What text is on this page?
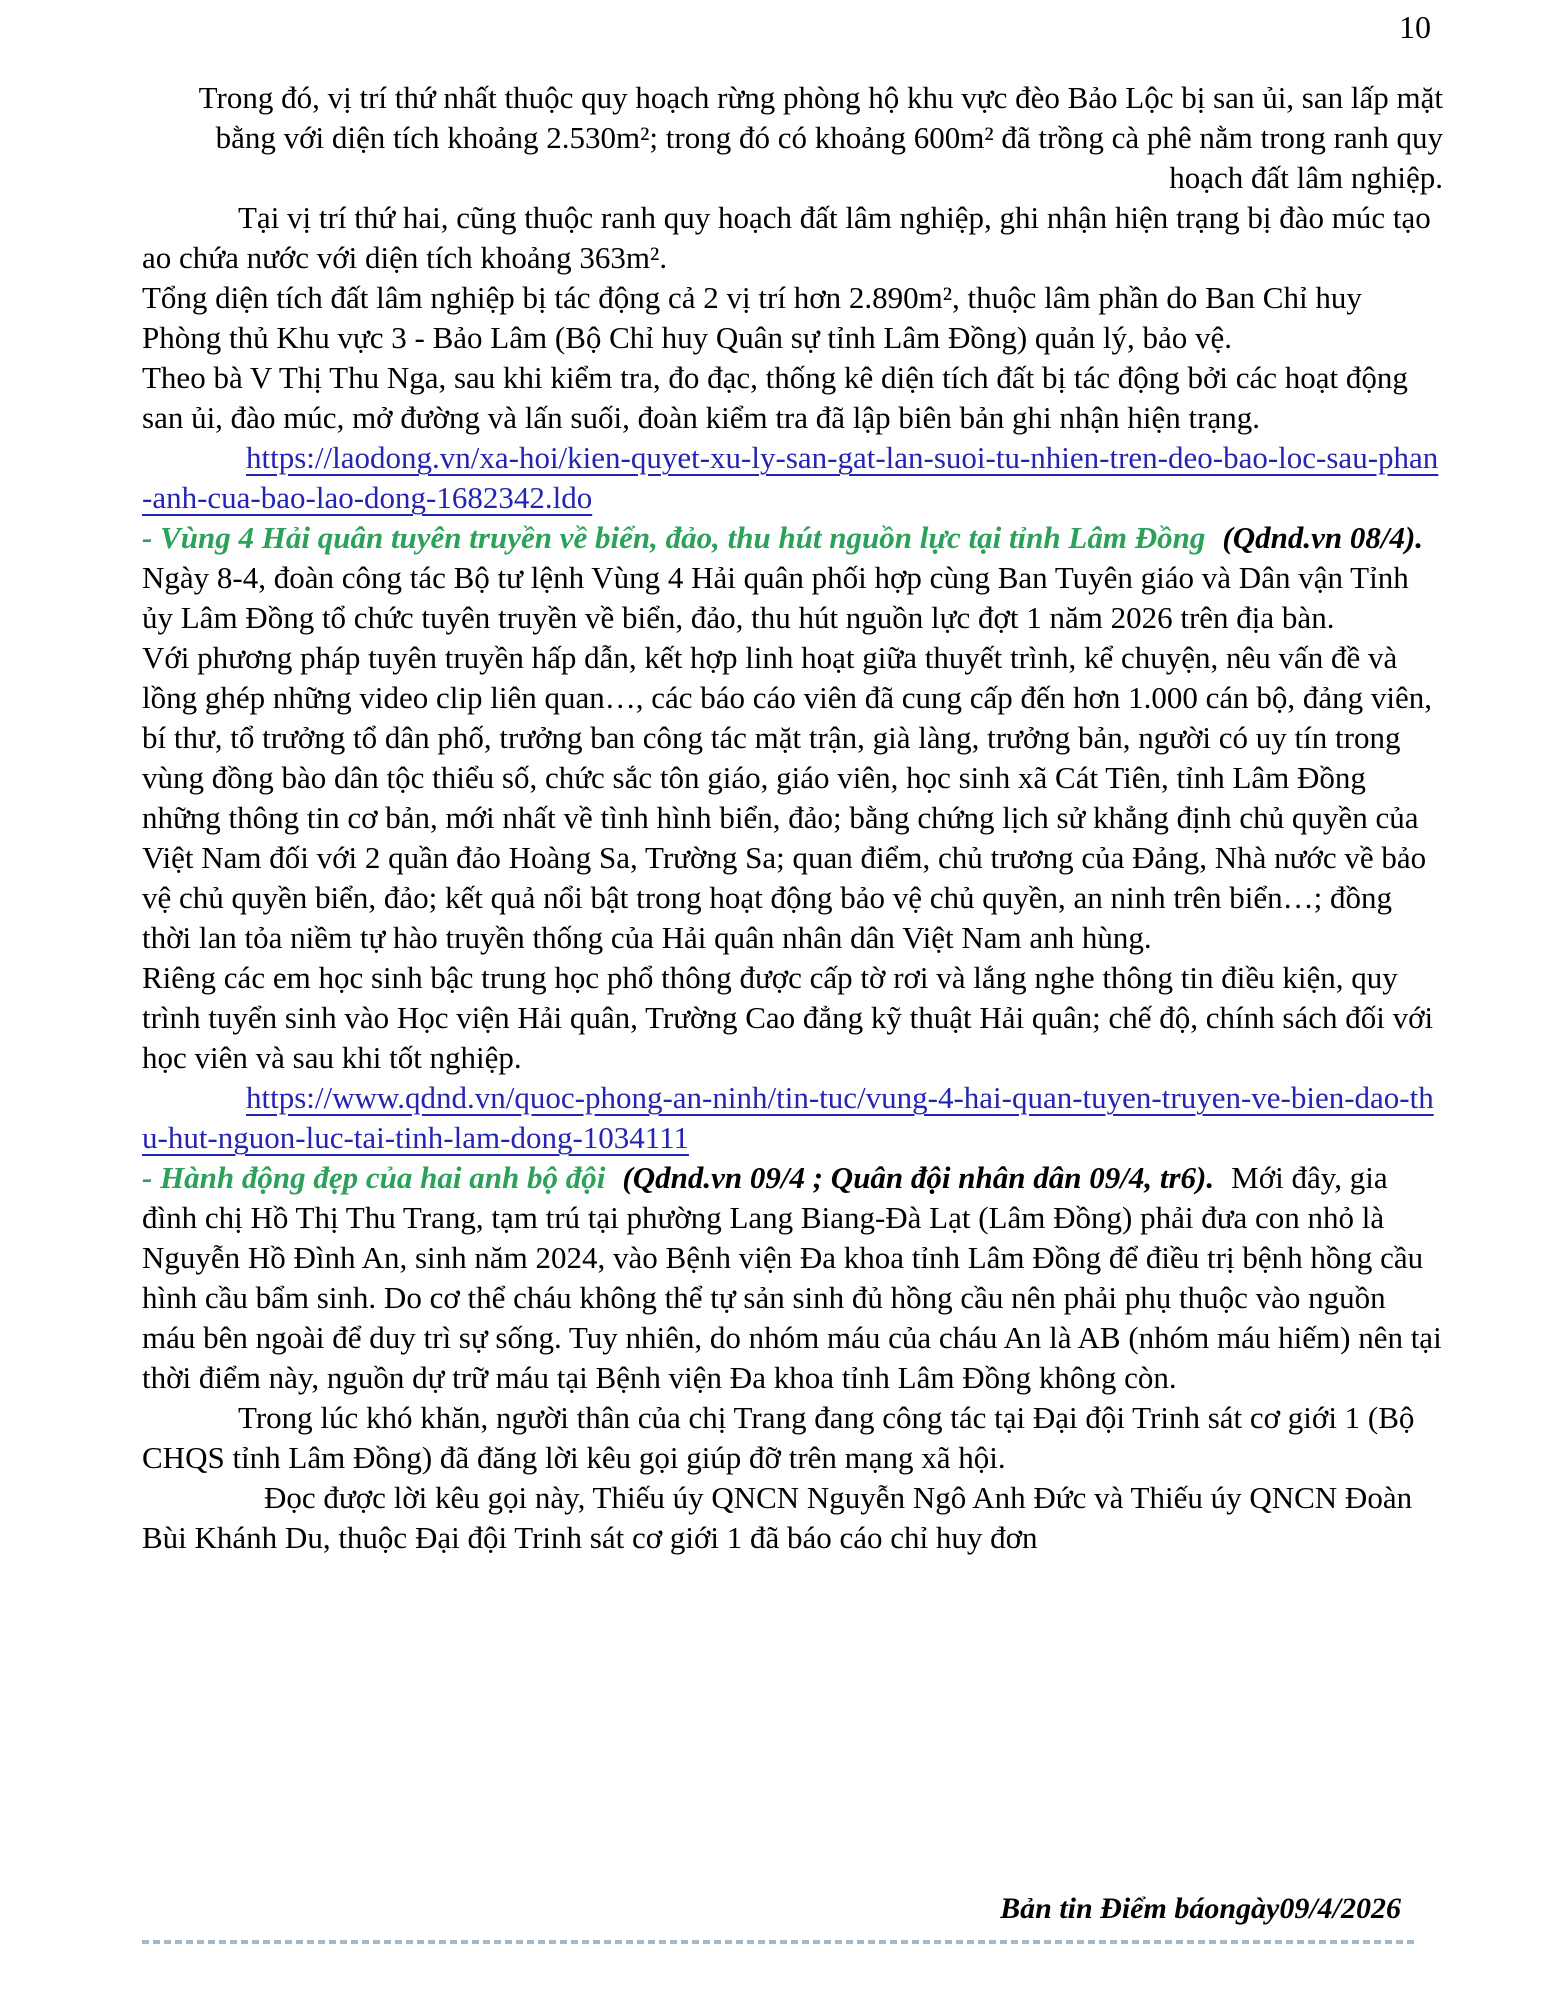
10

Trong đó, vị trí thứ nhất thuộc quy hoạch rừng phòng hộ khu vực đèo Bảo Lộc bị san ủi, san lấp mặt bằng với diện tích khoảng 2.530m²; trong đó có khoảng 600m² đã trồng cà phê nằm trong ranh quy hoạch đất lâm nghiệp.

Tại vị trí thứ hai, cũng thuộc ranh quy hoạch đất lâm nghiệp, ghi nhận hiện trạng bị đào múc tạo ao chứa nước với diện tích khoảng 363m².

Tổng diện tích đất lâm nghiệp bị tác động cả 2 vị trí hơn 2.890m², thuộc lâm phần do Ban Chỉ huy Phòng thủ Khu vực 3 - Bảo Lâm (Bộ Chỉ huy Quân sự tỉnh Lâm Đồng) quản lý, bảo vệ.

Theo bà V Thị Thu Nga, sau khi kiểm tra, đo đạc, thống kê diện tích đất bị tác động bởi các hoạt động san ủi, đào múc, mở đường và lấn suối, đoàn kiểm tra đã lập biên bản ghi nhận hiện trạng.

https://laodong.vn/xa-hoi/kien-quyet-xu-ly-san-gat-lan-suoi-tu-nhien-tren-deo-bao-loc-sau-phan-anh-cua-bao-lao-dong-1682342.ldo

- Vùng 4 Hải quân tuyên truyền về biển, đảo, thu hút nguồn lực tại tỉnh Lâm Đồng (Qdnd.vn 08/4). Ngày 8-4, đoàn công tác Bộ tư lệnh Vùng 4 Hải quân phối hợp cùng Ban Tuyên giáo và Dân vận Tỉnh ủy Lâm Đồng tổ chức tuyên truyền về biển, đảo, thu hút nguồn lực đợt 1 năm 2026 trên địa bàn.

Với phương pháp tuyên truyền hấp dẫn, kết hợp linh hoạt giữa thuyết trình, kể chuyện, nêu vấn đề và lồng ghép những video clip liên quan…, các báo cáo viên đã cung cấp đến hơn 1.000 cán bộ, đảng viên, bí thư, tổ trưởng tổ dân phố, trưởng ban công tác mặt trận, già làng, trưởng bản, người có uy tín trong vùng đồng bào dân tộc thiểu số, chức sắc tôn giáo, giáo viên, học sinh xã Cát Tiên, tỉnh Lâm Đồng những thông tin cơ bản, mới nhất về tình hình biển, đảo; bằng chứng lịch sử khẳng định chủ quyền của Việt Nam đối với 2 quần đảo Hoàng Sa, Trường Sa; quan điểm, chủ trương của Đảng, Nhà nước về bảo vệ chủ quyền biển, đảo; kết quả nổi bật trong hoạt động bảo vệ chủ quyền, an ninh trên biển…; đồng thời lan tỏa niềm tự hào truyền thống của Hải quân nhân dân Việt Nam anh hùng.

Riêng các em học sinh bậc trung học phổ thông được cấp tờ rơi và lắng nghe thông tin điều kiện, quy trình tuyển sinh vào Học viện Hải quân, Trường Cao đẳng kỹ thuật Hải quân; chế độ, chính sách đối với học viên và sau khi tốt nghiệp.

https://www.qdnd.vn/quoc-phong-an-ninh/tin-tuc/vung-4-hai-quan-tuyen-truyen-ve-bien-dao-thu-hut-nguon-luc-tai-tinh-lam-dong-1034111

- Hành động đẹp của hai anh bộ đội (Qdnd.vn 09/4 ; Quân đội nhân dân 09/4, tr6). Mới đây, gia đình chị Hồ Thị Thu Trang, tạm trú tại phường Lang Biang-Đà Lạt (Lâm Đồng) phải đưa con nhỏ là Nguyễn Hồ Đình An, sinh năm 2024, vào Bệnh viện Đa khoa tỉnh Lâm Đồng để điều trị bệnh hồng cầu hình cầu bẩm sinh. Do cơ thể cháu không thể tự sản sinh đủ hồng cầu nên phải phụ thuộc vào nguồn máu bên ngoài để duy trì sự sống. Tuy nhiên, do nhóm máu của cháu An là AB (nhóm máu hiếm) nên tại thời điểm này, nguồn dự trữ máu tại Bệnh viện Đa khoa tỉnh Lâm Đồng không còn.

Trong lúc khó khăn, người thân của chị Trang đang công tác tại Đại đội Trinh sát cơ giới 1 (Bộ CHQS tỉnh Lâm Đồng) đã đăng lời kêu gọi giúp đỡ trên mạng xã hội.

Đọc được lời kêu gọi này, Thiếu úy QNCN Nguyễn Ngô Anh Đức và Thiếu úy QNCN Đoàn Bùi Khánh Du, thuộc Đại đội Trinh sát cơ giới 1 đã báo cáo chỉ huy đơn

Bản tin Điểm báongày09/4/2026
